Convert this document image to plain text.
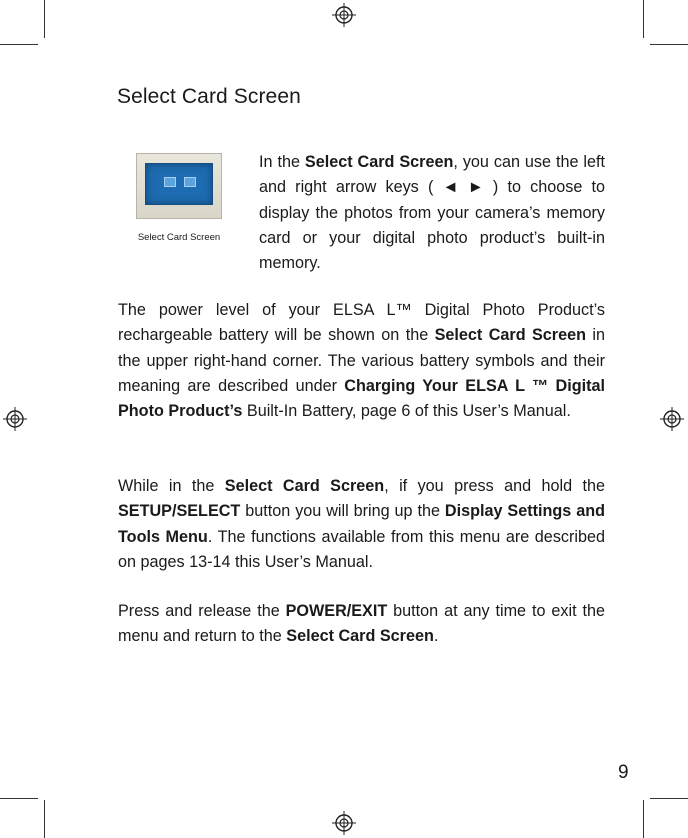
Select Card Screen
Select Card Screen
In the Select Card Screen, you can use the left and right arrow keys ( ◄ ► ) to choose to display the photos from your camera’s memory card or your digital photo product’s built-in memory.
The power level of your ELSA L™ Digital Photo Product’s rechargeable battery will be shown on the Select Card Screen in the upper right-hand corner. The various battery symbols and their meaning are described under Charging Your ELSA L ™ Digital Photo Product’s Built-In Battery, page 6 of this User’s Manual.
While in the Select Card Screen, if you press and hold the SETUP/SELECT button you will bring up the Display Settings and Tools Menu. The functions available from this menu are described on pages 13-14 this User’s Manual.
Press and release the POWER/EXIT button at any time to exit the menu and return to the Select Card Screen.
9
